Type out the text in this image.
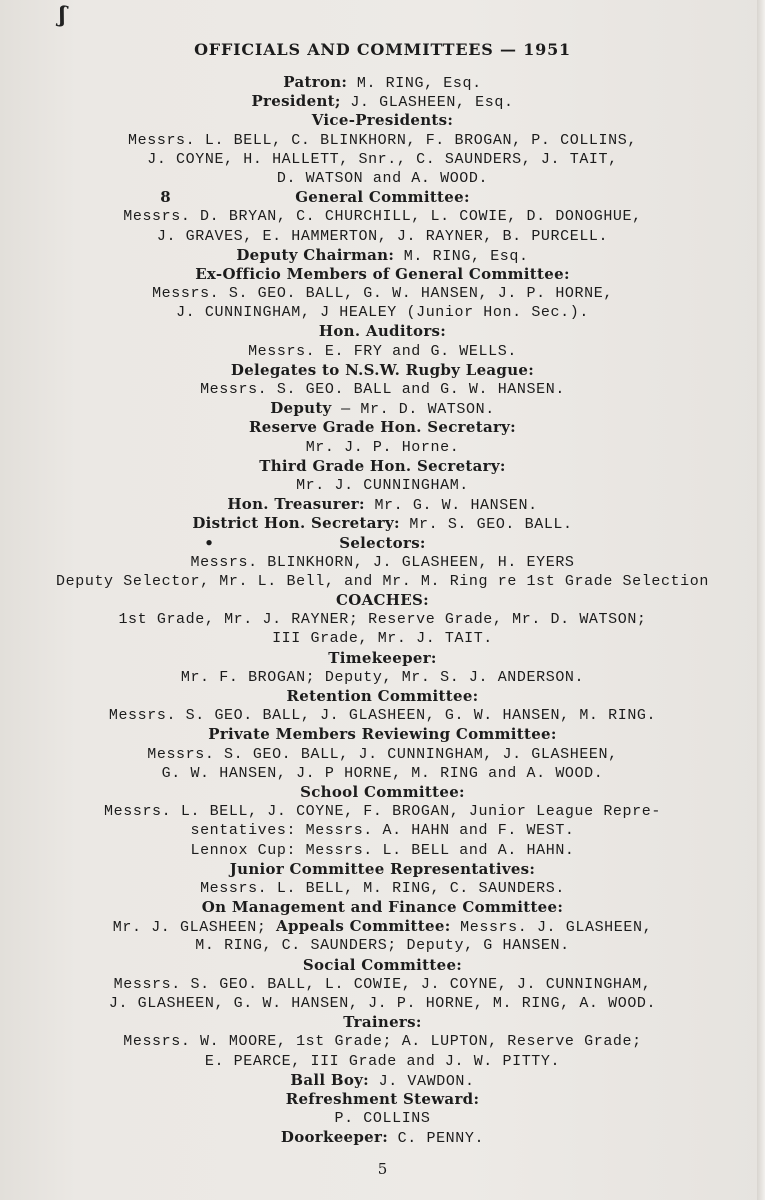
ʃ
OFFICIALS AND COMMITTEES — 1951
Patron: M. RING, Esq.
President; J. GLASHEEN, Esq.
Vice-Presidents:
Messrs. L. BELL, C. BLINKHORN, F. BROGAN, P. COLLINS,
J. COYNE, H. HALLETT, Snr., C. SAUNDERS, J. TAIT,
D. WATSON and A. WOOD.
8	General Committee:
Messrs. D. BRYAN, C. CHURCHILL, L. COWIE, D. DONOGHUE,
J. GRAVES, E. HAMMERTON, J. RAYNER, B. PURCELL.
Deputy Chairman: M. RING, Esq.
Ex-Officio Members of General Committee:
Messrs. S. GEO. BALL, G. W. HANSEN, J. P. HORNE,
J. CUNNINGHAM, J HEALEY (Junior Hon. Sec.).
Hon. Auditors:
Messrs. E. FRY and G. WELLS.
Delegates to N.S.W. Rugby League:
Messrs. S. GEO. BALL and G. W. HANSEN.
Deputy — Mr. D. WATSON.
Reserve Grade Hon. Secretary:
Mr. J. P. Horne.
Third Grade Hon. Secretary:
Mr. J. CUNNINGHAM.
Hon. Treasurer: Mr. G. W. HANSEN.
District Hon. Secretary: Mr. S. GEO. BALL.
•	Selectors:
Messrs. BLINKHORN, J. GLASHEEN, H. EYERS
Deputy Selector, Mr. L. Bell, and Mr. M. Ring re 1st Grade Selection
COACHES:
1st Grade, Mr. J. RAYNER; Reserve Grade, Mr. D. WATSON;
III Grade, Mr. J. TAIT.
Timekeeper:
Mr. F. BROGAN; Deputy, Mr. S. J. ANDERSON.
Retention Committee:
Messrs. S. GEO. BALL, J. GLASHEEN, G. W. HANSEN, M. RING.
Private Members Reviewing Committee:
Messrs. S. GEO. BALL, J. CUNNINGHAM, J. GLASHEEN,
G. W. HANSEN, J. P HORNE, M. RING and A. WOOD.
School Committee:
Messrs. L. BELL, J. COYNE, F. BROGAN, Junior League Repre-
sentatives: Messrs. A. HAHN and F. WEST.
Lennox Cup: Messrs. L. BELL and A. HAHN.
Junior Committee Representatives:
Messrs. L. BELL, M. RING, C. SAUNDERS.
On Management and Finance Committee:
Mr. J. GLASHEEN; Appeals Committee: Messrs. J. GLASHEEN,
M. RING, C. SAUNDERS; Deputy, G HANSEN.
Social Committee:
Messrs. S. GEO. BALL, L. COWIE, J. COYNE, J. CUNNINGHAM,
J. GLASHEEN, G. W. HANSEN, J. P. HORNE, M. RING, A. WOOD.
Trainers:
Messrs. W. MOORE, 1st Grade; A. LUPTON, Reserve Grade;
E. PEARCE, III Grade and J. W. PITTY.
Ball Boy: J. VAWDON.
Refreshment Steward:
P. COLLINS
Doorkeeper: C. PENNY.
5
